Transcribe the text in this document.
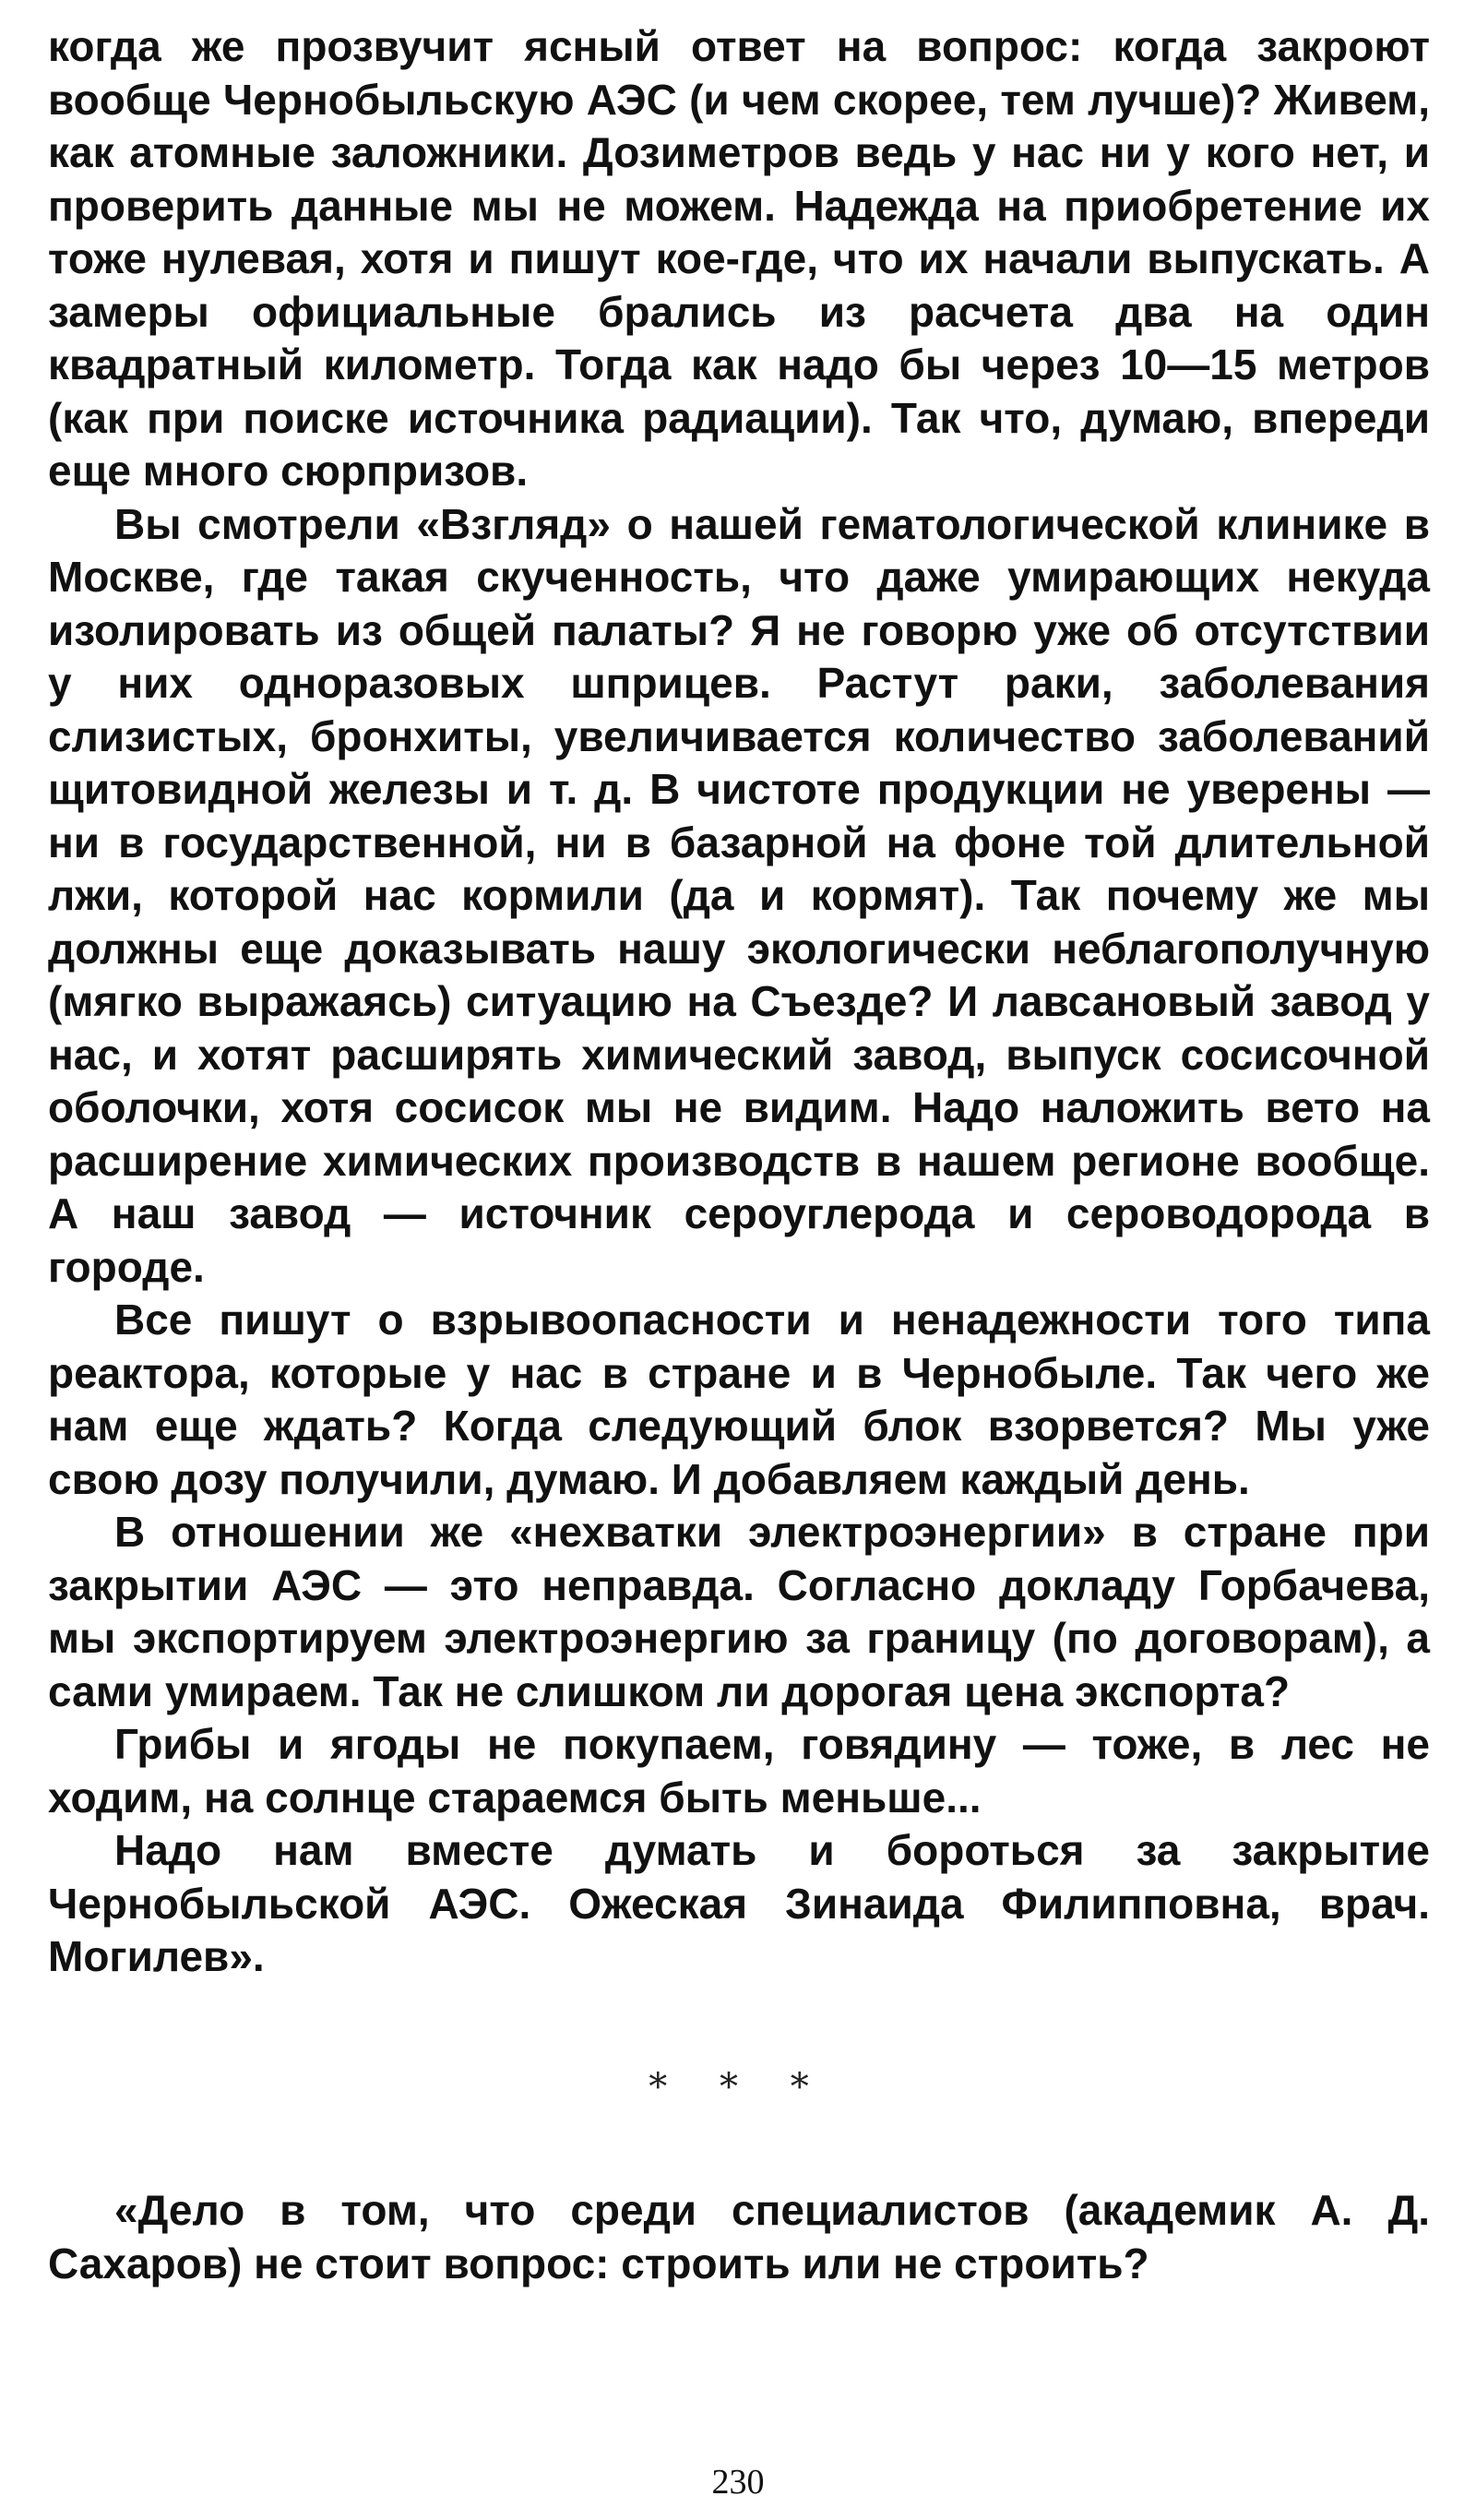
когда же прозвучит ясный ответ на вопрос: когда закроют вообще Чернобыльскую АЭС (и чем скорее, тем лучше)? Живем, как атомные заложники. Дозиметров ведь у нас ни у кого нет, и проверить данные мы не можем. Надежда на приобретение их тоже нулевая, хотя и пишут кое-где, что их начали выпускать. А замеры официальные брались из расчета два на один квадратный километр. Тогда как надо бы через 10—15 метров (как при поиске источника радиации). Так что, думаю, впереди еще много сюрпризов.

Вы смотрели «Взгляд» о нашей гематологической клинике в Москве, где такая скученность, что даже умирающих некуда изолировать из общей палаты? Я не говорю уже об отсутствии у них одноразовых шприцев. Растут раки, заболевания слизистых, бронхиты, увеличивается количество заболеваний щитовидной железы и т. д. В чистоте продукции не уверены — ни в государственной, ни в базарной на фоне той длительной лжи, которой нас кормили (да и кормят). Так почему же мы должны еще доказывать нашу экологически неблагополучную (мягко выражаясь) ситуацию на Съезде? И лавсановый завод у нас, и хотят расширять химический завод, выпуск сосисочной оболочки, хотя сосисок мы не видим. Надо наложить вето на расширение химических производств в нашем регионе вообще. А наш завод — источник сероуглерода и сероводорода в городе.

Все пишут о взрывоопасности и ненадежности того типа реактора, которые у нас в стране и в Чернобыле. Так чего же нам еще ждать? Когда следующий блок взорвется? Мы уже свою дозу получили, думаю. И добавляем каждый день.

В отношении же «нехватки электроэнергии» в стране при закрытии АЭС — это неправда. Согласно докладу Горбачева, мы экспортируем электроэнергию за границу (по договорам), а сами умираем. Так не слишком ли дорогая цена экспорта?

Грибы и ягоды не покупаем, говядину — тоже, в лес не ходим, на солнце стараемся быть меньше...

Надо нам вместе думать и бороться за закрытие Чернобыльской АЭС. Ожеская Зинаида Филипповна, врач. Могилев».

* * *

«Дело в том, что среди специалистов (академик А. Д. Сахаров) не стоит вопрос: строить или не строить?

230
